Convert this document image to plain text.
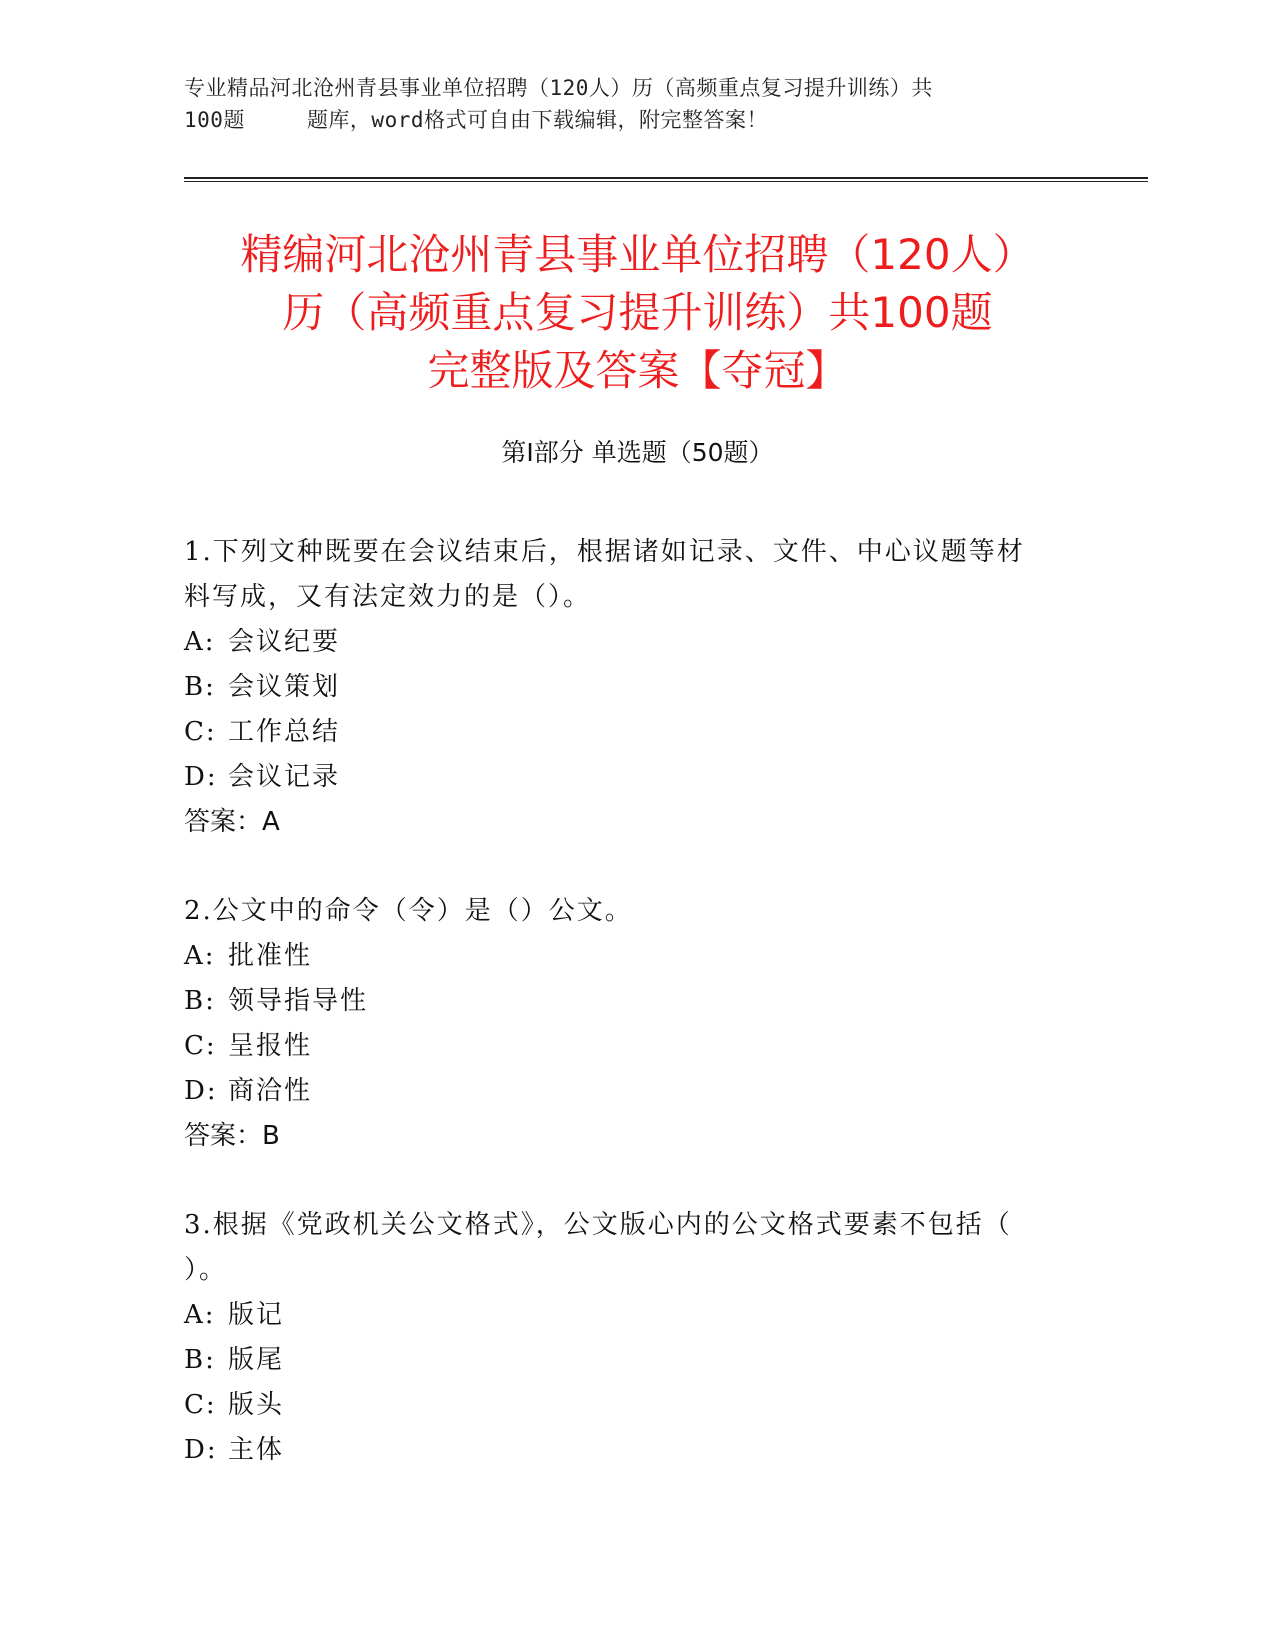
专业精品河北沧州青县事业单位招聘（120人）历（高频重点复习提升训练）共
100题	题库，word格式可自由下载编辑，附完整答案！
精编河北沧州青县事业单位招聘（120人）
历（高频重点复习提升训练）共100题
完整版及答案【夺冠】
第Ⅰ部分 单选题（50题）
1.下列文种既要在会议结束后，根据诸如记录、文件、中心议题等材
料写成，又有法定效力的是（）。
A: 会议纪要
B: 会议策划
C: 工作总结
D: 会议记录
答案：A
2.公文中的命令（令）是（）公文。
A: 批准性
B: 领导指导性
C: 呈报性
D: 商洽性
答案：B
3.根据《党政机关公文格式》，公文版心内的公文格式要素不包括（
）。
A: 版记
B: 版尾
C: 版头
D: 主体
